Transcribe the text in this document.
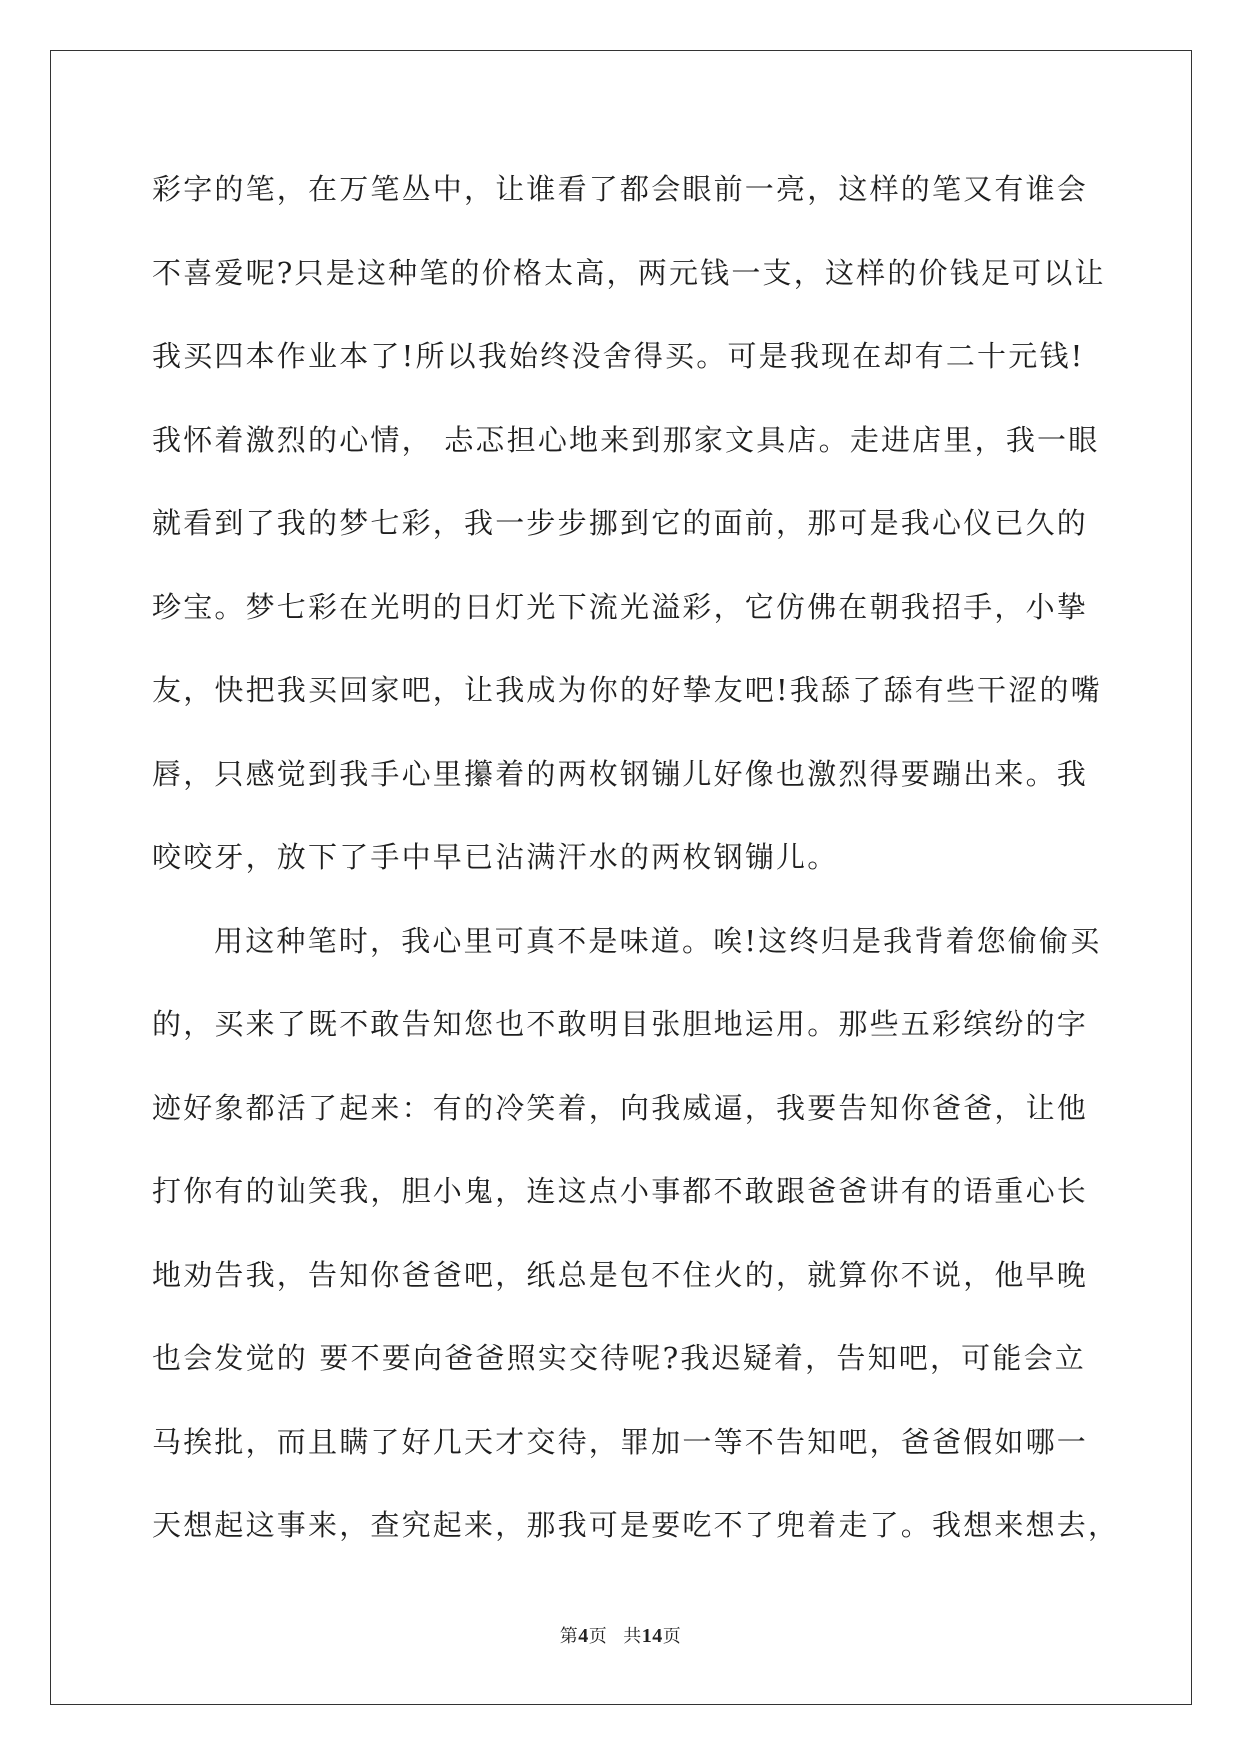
彩字的笔，在万笔丛中，让谁看了都会眼前一亮，这样的笔又有谁会
不喜爱呢?只是这种笔的价格太高，两元钱一支，这样的价钱足可以让
我买四本作业本了!所以我始终没舍得买。可是我现在却有二十元钱!
我怀着激烈的心情， 忐忑担心地来到那家文具店。走进店里，我一眼
就看到了我的梦七彩，我一步步挪到它的面前，那可是我心仪已久的
珍宝。梦七彩在光明的日灯光下流光溢彩，它仿佛在朝我招手，小挚
友，快把我买回家吧，让我成为你的好挚友吧!我舔了舔有些干涩的嘴
唇，只感觉到我手心里攥着的两枚钢镚儿好像也激烈得要蹦出来。我
咬咬牙，放下了手中早已沾满汗水的两枚钢镚儿。
用这种笔时，我心里可真不是味道。唉!这终归是我背着您偷偷买
的，买来了既不敢告知您也不敢明目张胆地运用。那些五彩缤纷的字
迹好象都活了起来：有的冷笑着，向我威逼，我要告知你爸爸，让他
打你有的讪笑我，胆小鬼，连这点小事都不敢跟爸爸讲有的语重心长
地劝告我，告知你爸爸吧，纸总是包不住火的，就算你不说，他早晚
也会发觉的 要不要向爸爸照实交待呢?我迟疑着，告知吧，可能会立
马挨批，而且瞒了好几天才交待，罪加一等不告知吧，爸爸假如哪一
天想起这事来，查究起来，那我可是要吃不了兜着走了。我想来想去，
第4页 共14页
